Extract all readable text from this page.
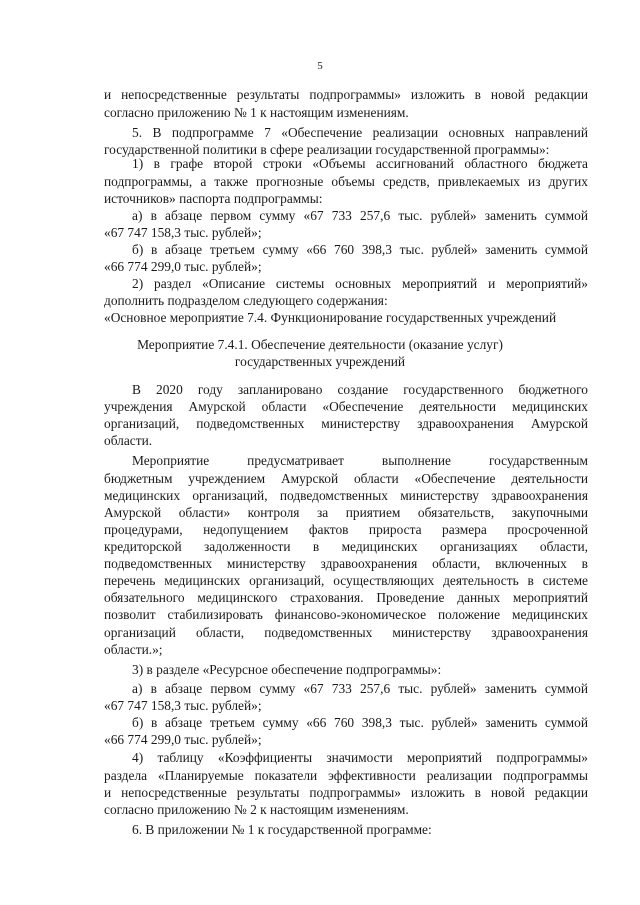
5
и непосредственные результаты подпрограммы» изложить в новой редакции
согласно приложению № 1 к настоящим изменениям.
5. В подпрограмме 7 «Обеспечение реализации основных направлений
государственной политики в сфере реализации государственной программы»:
1) в графе второй строки «Объемы ассигнований областного бюджета
подпрограммы, а также прогнозные объемы средств, привлекаемых из других
источников» паспорта подпрограммы:
а) в абзаце первом сумму «67 733 257,6 тыс. рублей» заменить суммой
«67 747 158,3 тыс. рублей»;
б) в абзаце третьем сумму «66 760 398,3 тыс. рублей» заменить суммой
«66 774 299,0 тыс. рублей»;
2) раздел «Описание системы основных мероприятий и мероприятий»
дополнить подразделом следующего содержания:
«Основное мероприятие 7.4. Функционирование государственных учреждений
Мероприятие 7.4.1. Обеспечение деятельности (оказание услуг)
государственных учреждений
В 2020 году запланировано создание государственного бюджетного
учреждения Амурской области «Обеспечение деятельности медицинских
организаций, подведомственных министерству здравоохранения Амурской
области.
Мероприятие предусматривает выполнение государственным
бюджетным учреждением Амурской области «Обеспечение деятельности
медицинских организаций, подведомственных министерству здравоохранения
Амурской области» контроля за приятием обязательств, закупочными
процедурами, недопущением фактов прироста размера просроченной
кредиторской задолженности в медицинских организациях области,
подведомственных министерству здравоохранения области, включенных в
перечень медицинских организаций, осуществляющих деятельность в системе
обязательного медицинского страхования. Проведение данных мероприятий
позволит стабилизировать финансово-экономическое положение медицинских
организаций области, подведомственных министерству здравоохранения
области.»;
3) в разделе «Ресурсное обеспечение подпрограммы»:
а) в абзаце первом сумму «67 733 257,6 тыс. рублей» заменить суммой
«67 747 158,3 тыс. рублей»;
б) в абзаце третьем сумму «66 760 398,3 тыс. рублей» заменить суммой
«66 774 299,0 тыс. рублей»;
4) таблицу «Коэффициенты значимости мероприятий подпрограммы»
раздела «Планируемые показатели эффективности реализации подпрограммы
и непосредственные результаты подпрограммы» изложить в новой редакции
согласно приложению № 2 к настоящим изменениям.
6. В приложении № 1 к государственной программе:
